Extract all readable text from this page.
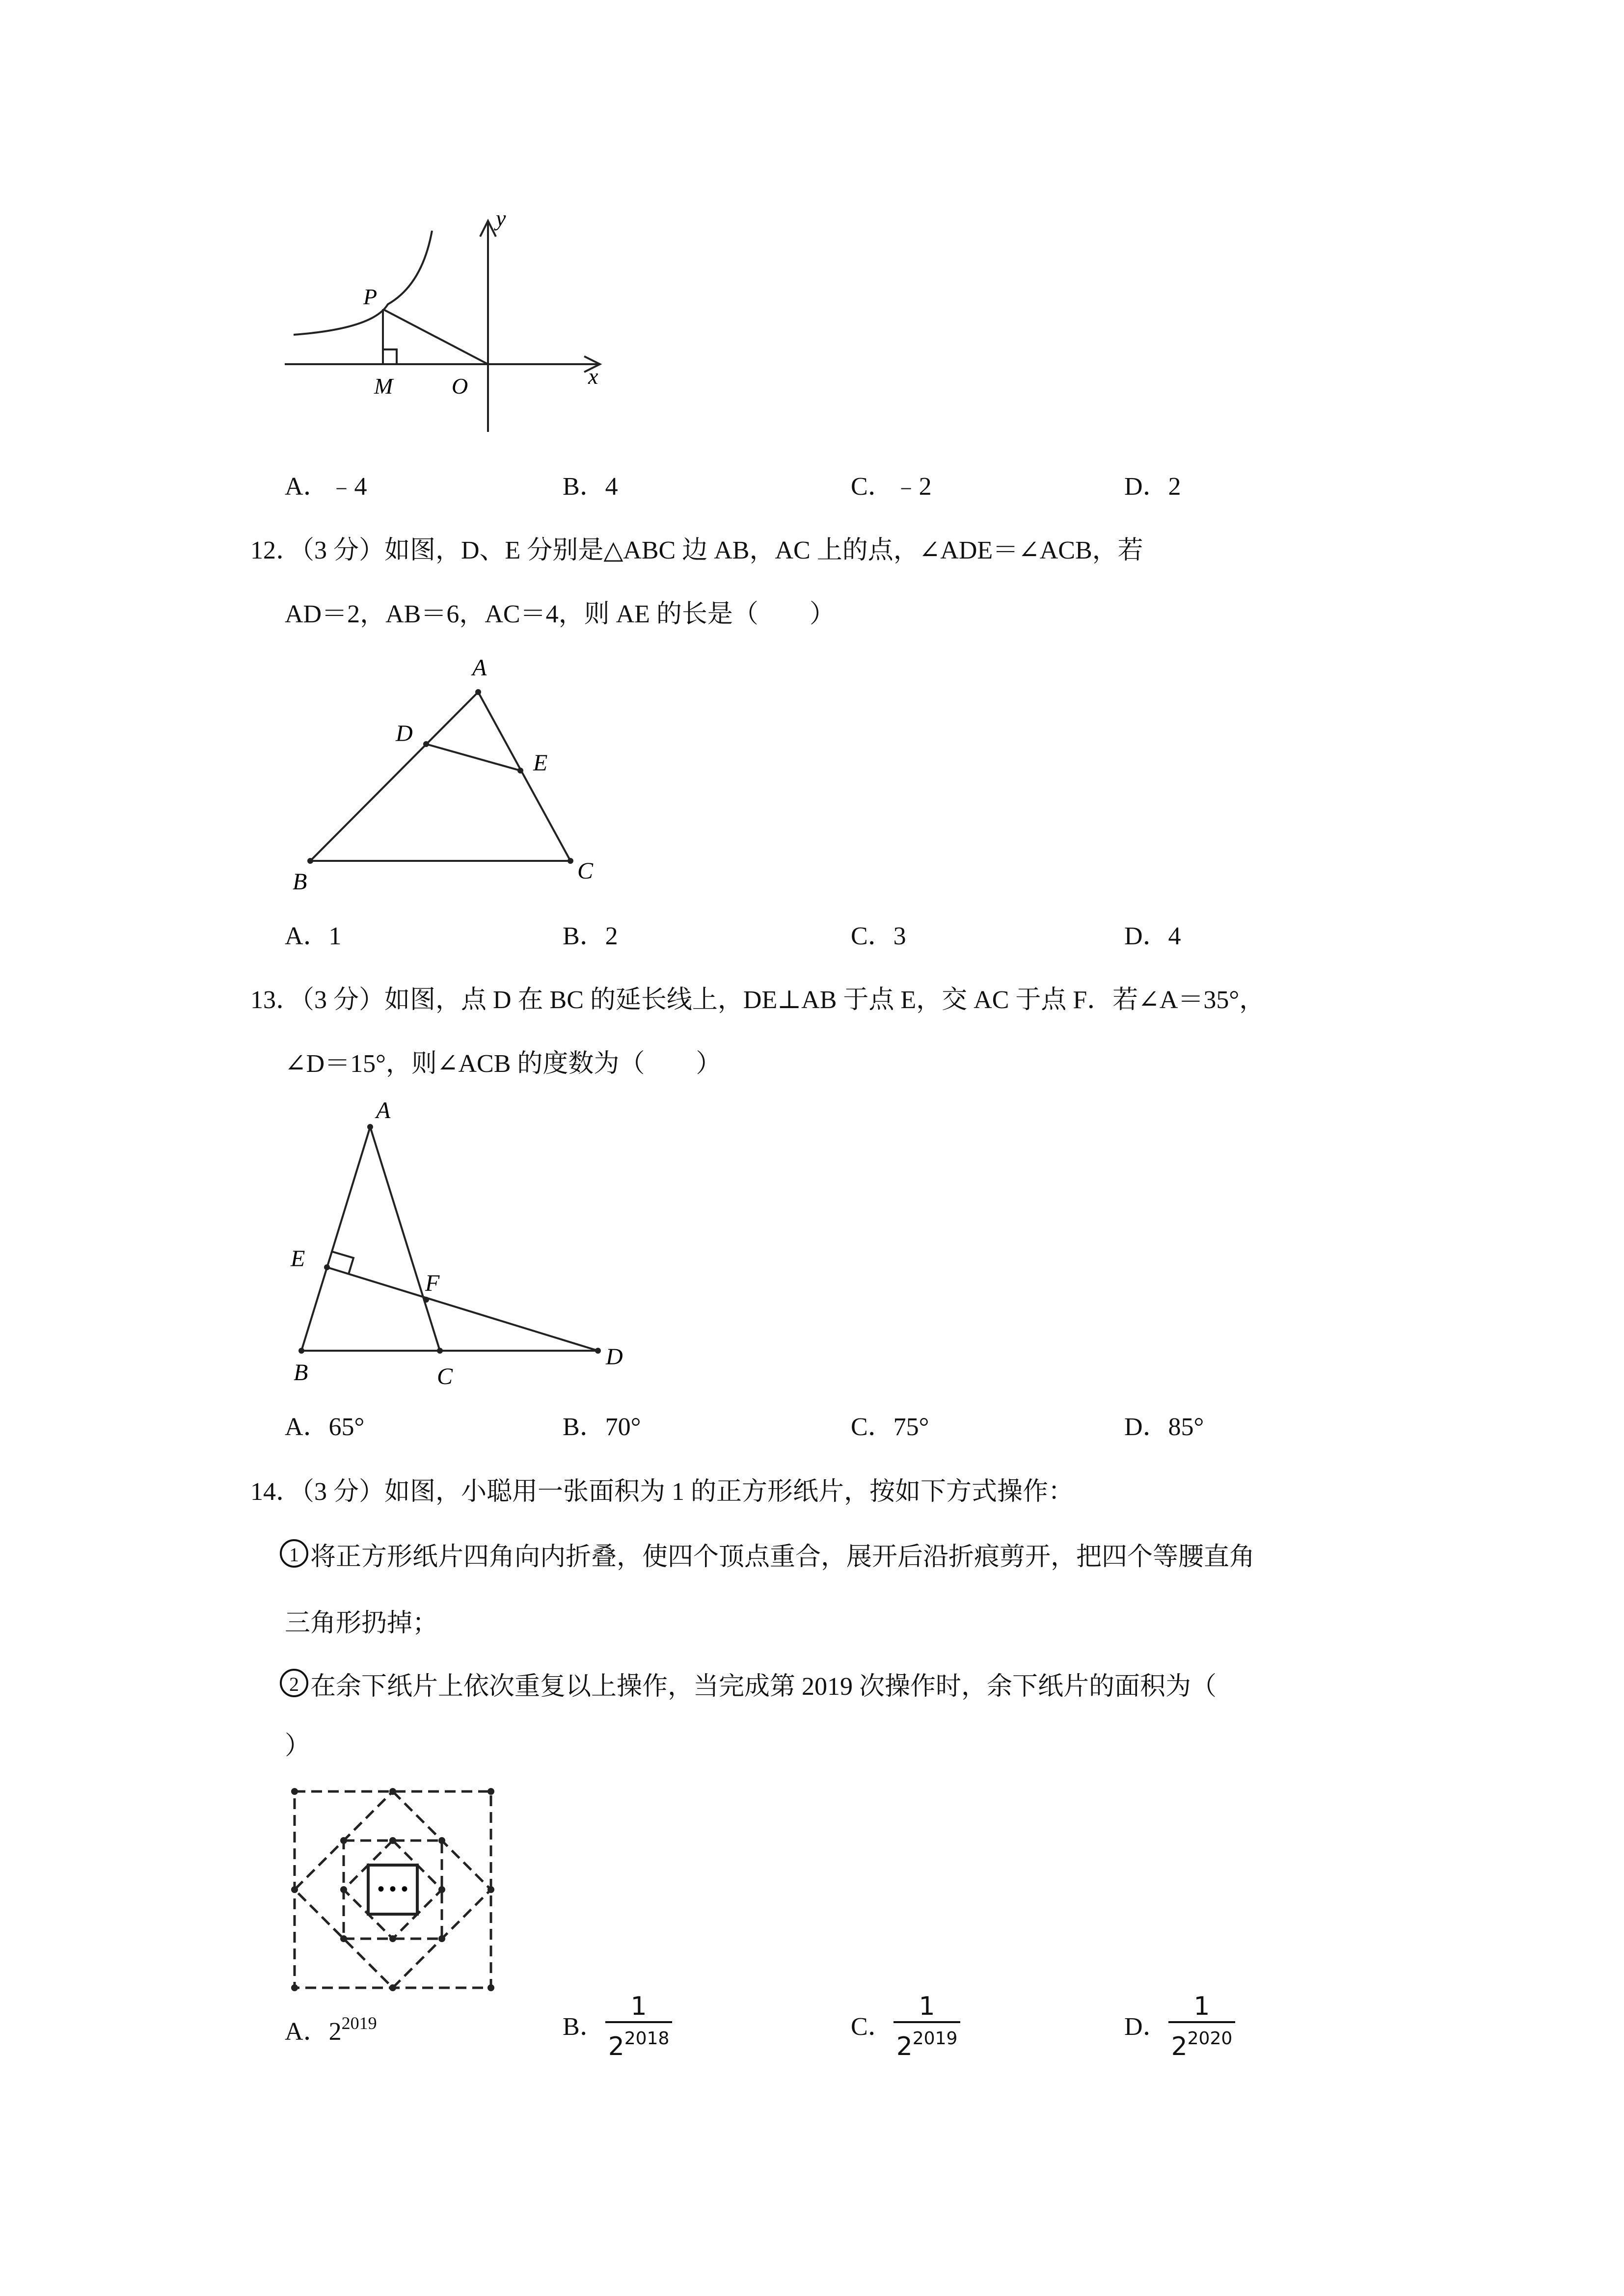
y
P
M	O	x
A．﹣4	B．4	C．﹣2	D．2
12．（3 分）如图，D、E 分别是△ABC 边 AB，AC 上的点，∠ADE＝∠ACB，若
AD＝2，AB＝6，AC＝4，则 AE 的长是（　　）
A
D
E
B	C
A．1	B．2	C．3	D．4
13．（3 分）如图，点 D 在 BC 的延长线上，DE⊥AB 于点 E，交 AC 于点 F．若∠A＝35°，
∠D＝15°，则∠ACB 的度数为（　　）
A
E
F
B	C
D
A．65°	B．70°	C．75°	D．85°
14．（3 分）如图，小聪用一张面积为 1 的正方形纸片，按如下方式操作：
1 将正方形纸片四角向内折叠，使四个顶点重合，展开后沿折痕剪开，把四个等腰直角
三角形扔掉；
2 在余下纸片上依次重复以上操作，当完成第 2019 次操作时，余下纸片的面积为（
）
• • •
A．$2^{2019}$	B． $\frac{1}{2^{2018}}$	C． $\frac{1}{2^{2019}}$	D． $\frac{1}{2^{2020}}$
